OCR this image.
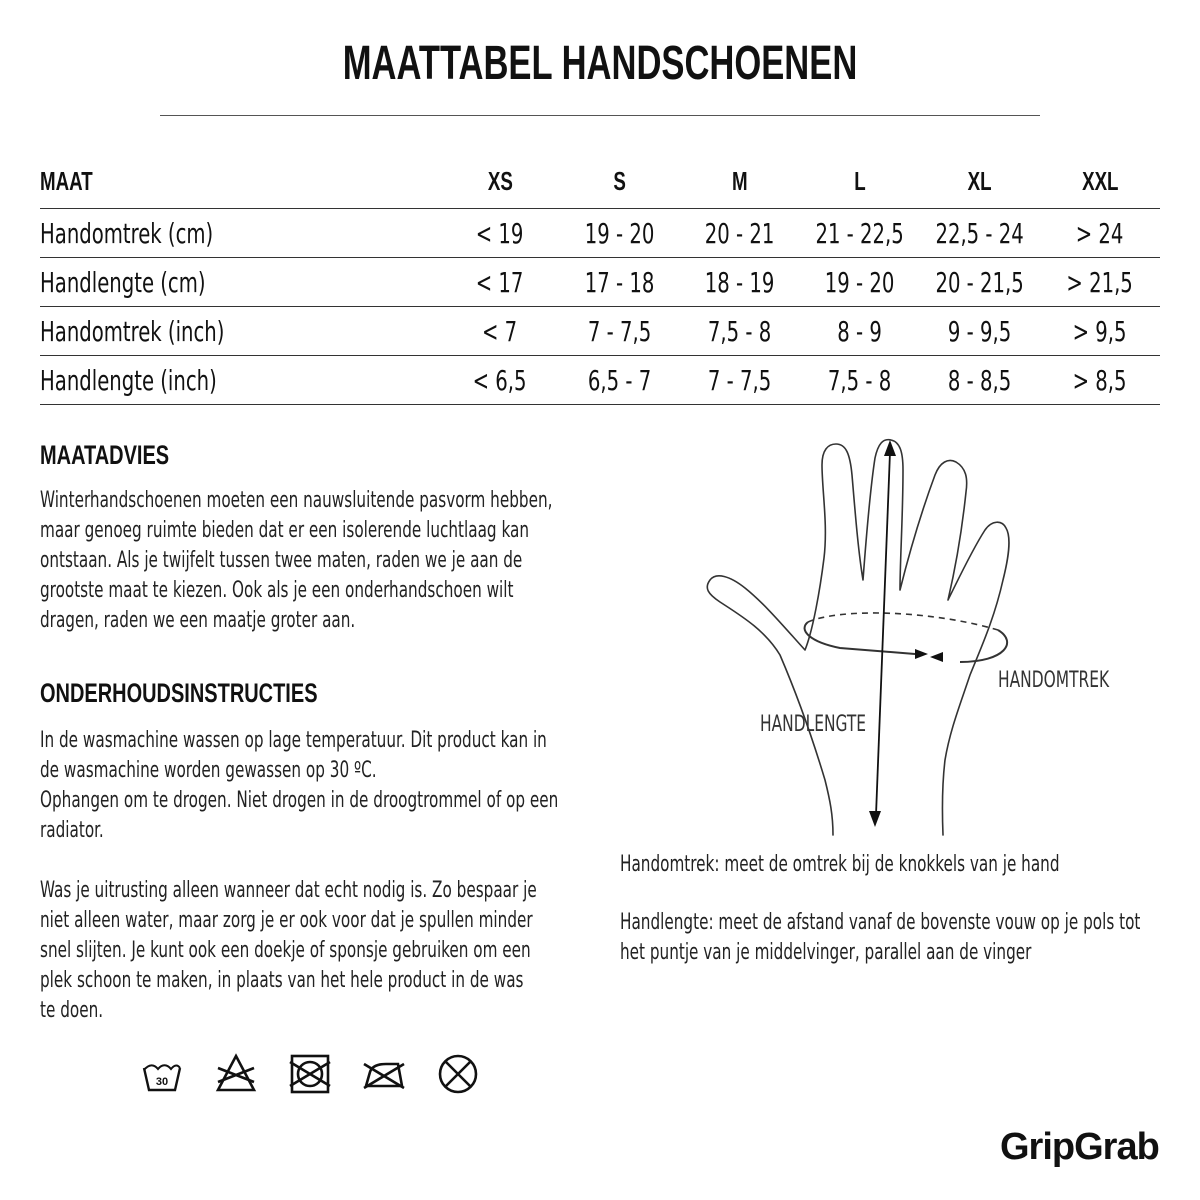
MAATTABEL HANDSCHOENEN
MAAT	XS	S	M	L	XL	XXL
Handomtrek (cm)	< 19	19 - 20	20 - 21	21 - 22,5	22,5 - 24	> 24
Handlengte (cm)	< 17	17 - 18	18 - 19	19 - 20	20 - 21,5	> 21,5
Handomtrek (inch)	< 7	7 - 7,5	7,5 - 8	8 - 9	9 - 9,5	> 9,5
Handlengte (inch)	< 6,5	6,5 - 7	7 - 7,5	7,5 - 8	8 - 8,5	> 8,5
MAATADVIES

Winterhandschoenen moeten een nauwsluitende pasvorm hebben,

maar genoeg ruimte bieden dat er een isolerende luchtlaag kan

ontstaan. Als je twijfelt tussen twee maten, raden we je aan de

grootste maat te kiezen. Ook als je een onderhandschoen wilt

dragen, raden we een maatje groter aan.

ONDERHOUDSINSTRUCTIES

In de wasmachine wassen op lage temperatuur. Dit product kan in

de wasmachine worden gewassen op 30 ºC.

Ophangen om te drogen. Niet drogen in de droogtrommel of op een

radiator.

Was je uitrusting alleen wanneer dat echt nodig is. Zo bespaar je

niet alleen water, maar zorg je er ook voor dat je spullen minder

snel slijten. Je kunt ook een doekje of sponsje gebruiken om een

plek schoon te maken, in plaats van het hele product in de was

te doen.

HANDOMTREK
HANDLENGTE

Handomtrek: meet de omtrek bij de knokkels van je hand

Handlengte: meet de afstand vanaf de bovenste vouw op je pols tot

het puntje van je middelvinger, parallel aan de vinger

30
GripGrab
